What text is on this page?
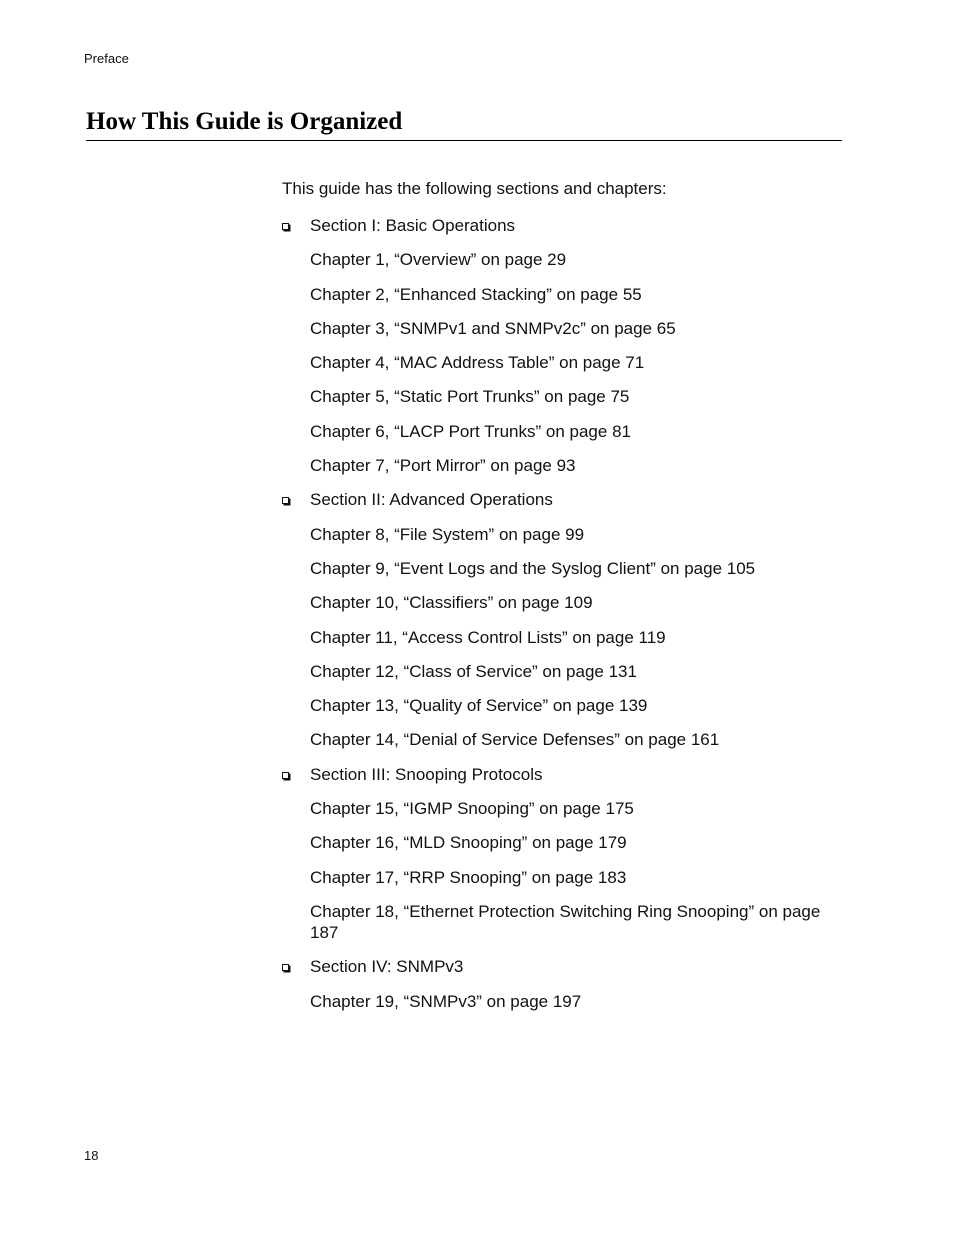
Preface
How This Guide is Organized
This guide has the following sections and chapters:
Section I: Basic Operations
Chapter 1, “Overview” on page 29
Chapter 2, “Enhanced Stacking” on page 55
Chapter 3, “SNMPv1 and SNMPv2c” on page 65
Chapter 4, “MAC Address Table” on page 71
Chapter 5, “Static Port Trunks” on page 75
Chapter 6, “LACP Port Trunks” on page 81
Chapter 7, “Port Mirror” on page 93
Section II: Advanced Operations
Chapter 8, “File System” on page 99
Chapter 9, “Event Logs and the Syslog Client” on page 105
Chapter 10, “Classifiers” on page 109
Chapter 11, “Access Control Lists” on page 119
Chapter 12, “Class of Service” on page 131
Chapter 13, “Quality of Service” on page 139
Chapter 14, “Denial of Service Defenses” on page 161
Section III: Snooping Protocols
Chapter 15, “IGMP Snooping” on page 175
Chapter 16, “MLD Snooping” on page 179
Chapter 17, “RRP Snooping” on page 183
Chapter 18, “Ethernet Protection Switching Ring Snooping” on page 187
Section IV: SNMPv3
Chapter 19, “SNMPv3” on page 197
18
